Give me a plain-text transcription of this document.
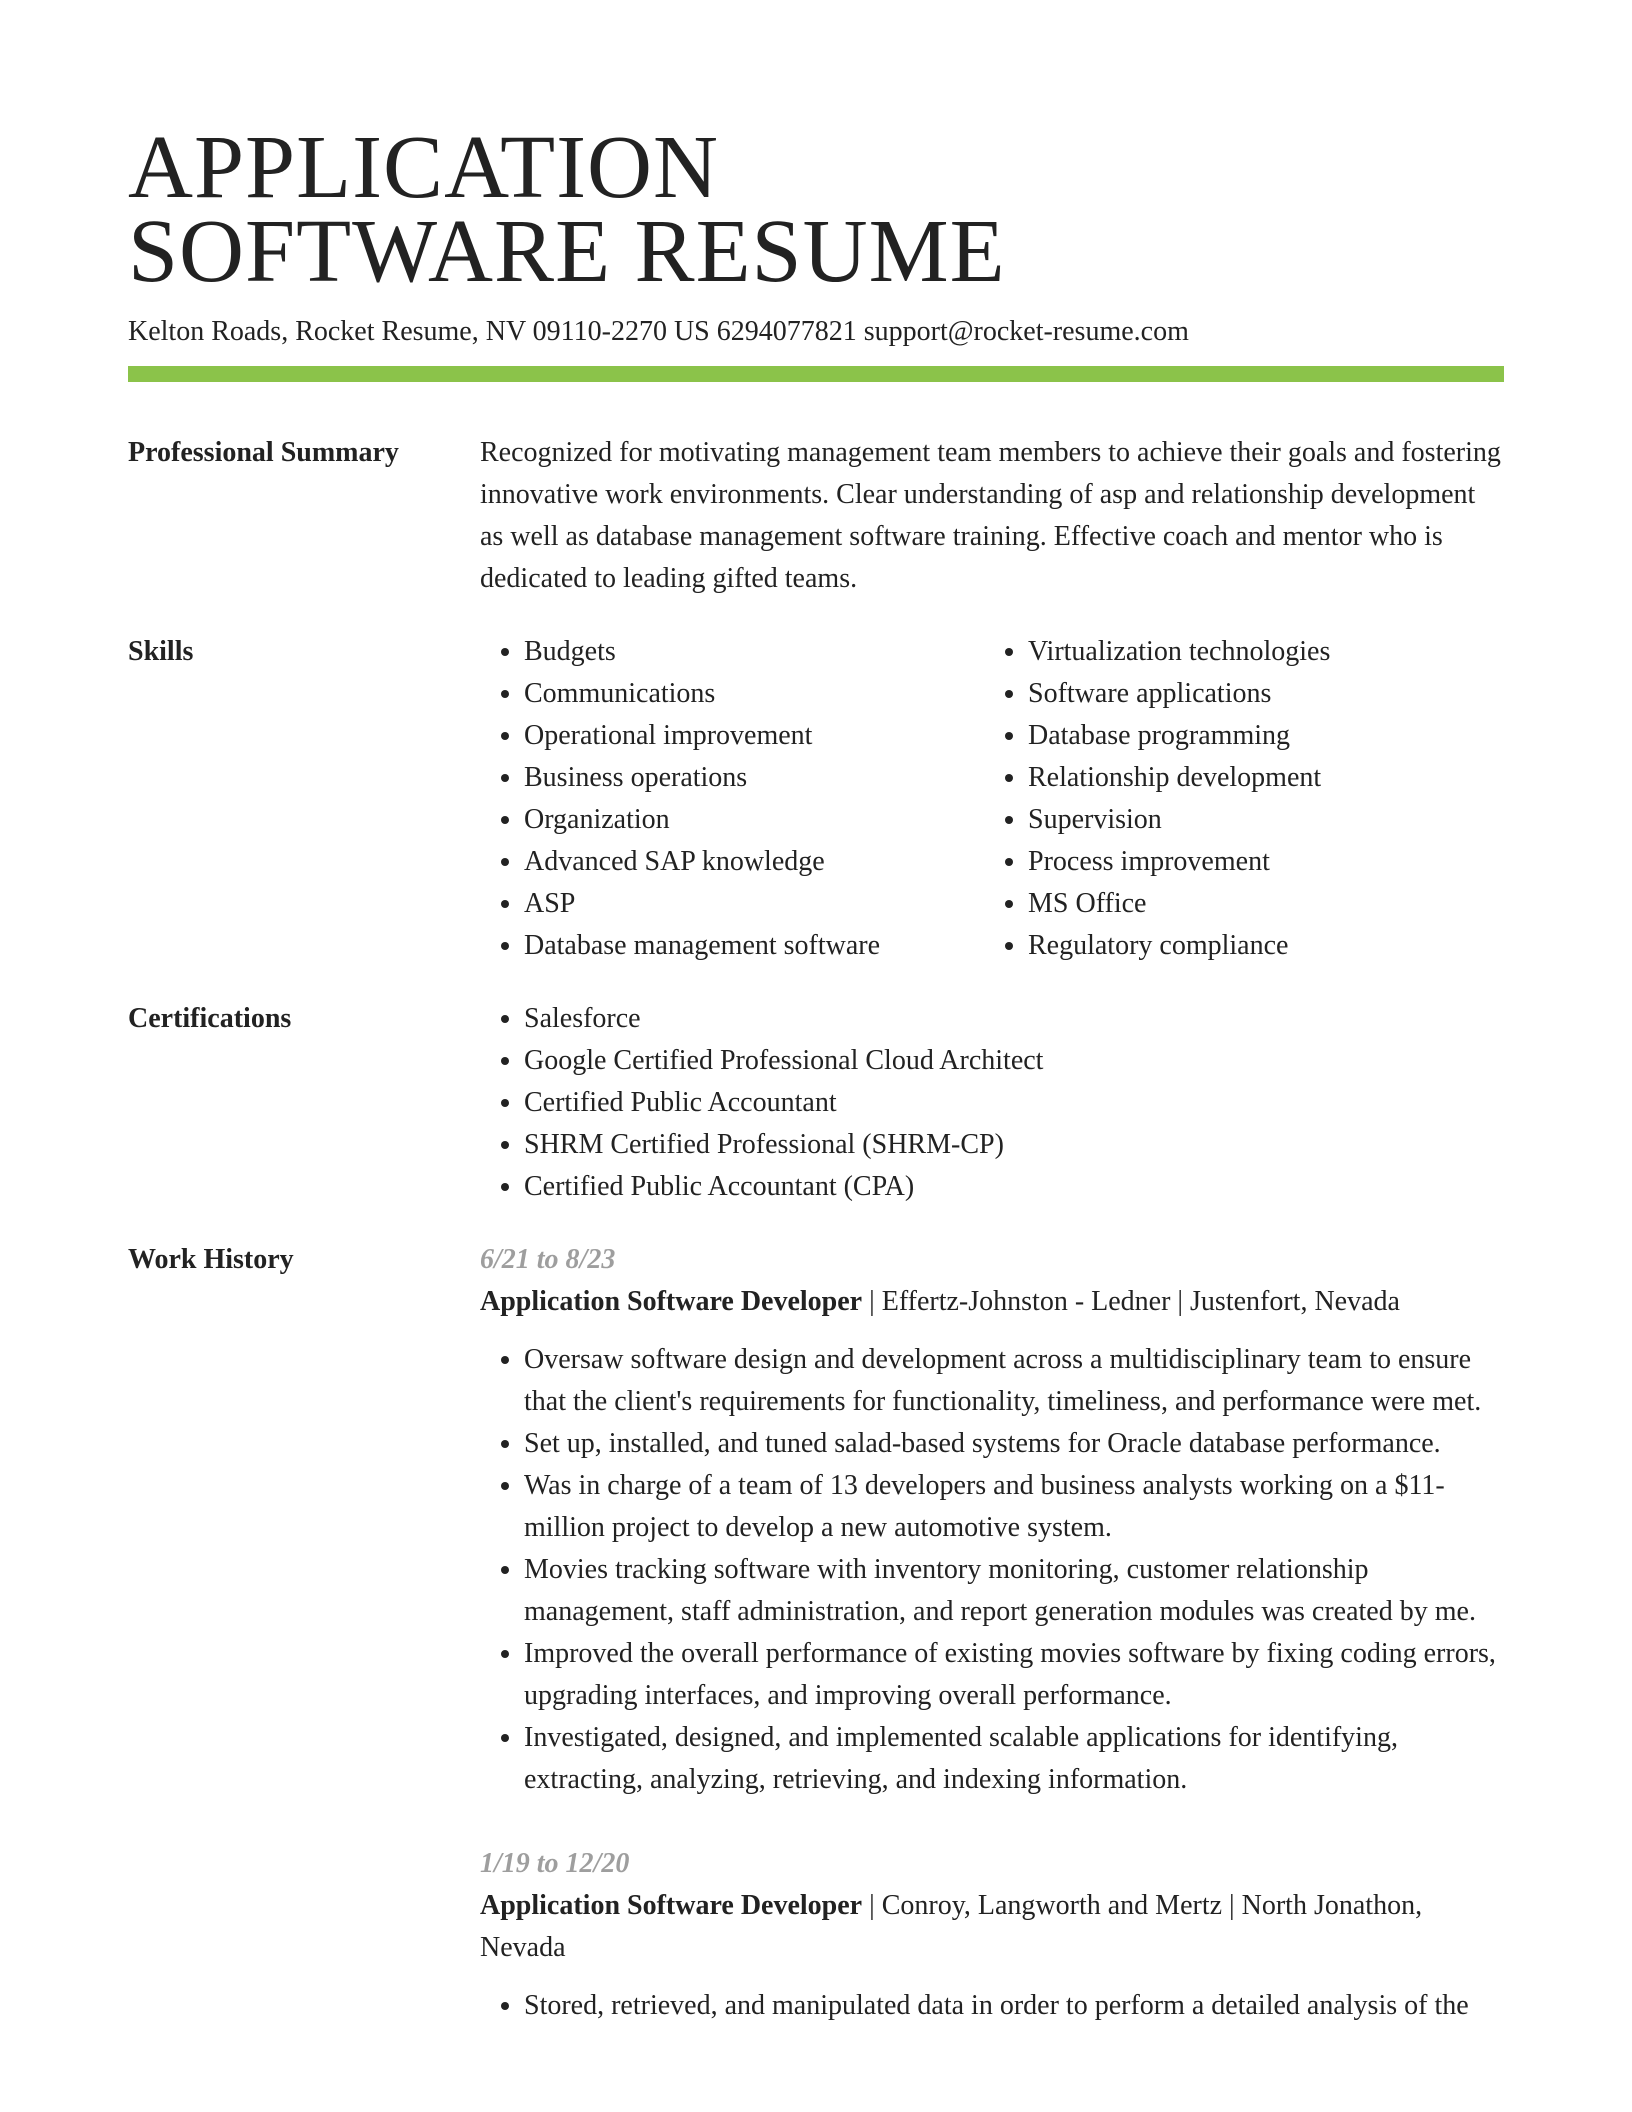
APPLICATION
SOFTWARE RESUME
Kelton Roads, Rocket Resume, NV 09110-2270 US 6294077821 support@rocket-resume.com
Professional Summary	Recognized for motivating management team members to achieve their goals and fostering innovative work environments. Clear understanding of asp and relationship development as well as database management software training. Effective coach and mentor who is dedicated to leading gifted teams.
Skills	• Budgets
• Communications
• Operational improvement
• Business operations
• Organization
• Advanced SAP knowledge
• ASP
• Database management software
• Virtualization technologies
• Software applications
• Database programming
• Relationship development
• Supervision
• Process improvement
• MS Office
• Regulatory compliance
Certifications	• Salesforce
• Google Certified Professional Cloud Architect
• Certified Public Accountant
• SHRM Certified Professional (SHRM-CP)
• Certified Public Accountant (CPA)
Work History	6/21 to 8/23
Application Software Developer | Effertz-Johnston - Ledner | Justenfort, Nevada
• Oversaw software design and development across a multidisciplinary team to ensure that the client's requirements for functionality, timeliness, and performance were met.
• Set up, installed, and tuned salad-based systems for Oracle database performance.
• Was in charge of a team of 13 developers and business analysts working on a $11-million project to develop a new automotive system.
• Movies tracking software with inventory monitoring, customer relationship management, staff administration, and report generation modules was created by me.
• Improved the overall performance of existing movies software by fixing coding errors, upgrading interfaces, and improving overall performance.
• Investigated, designed, and implemented scalable applications for identifying, extracting, analyzing, retrieving, and indexing information.
1/19 to 12/20
Application Software Developer | Conroy, Langworth and Mertz | North Jonathon, Nevada
• Stored, retrieved, and manipulated data in order to perform a detailed analysis of the
